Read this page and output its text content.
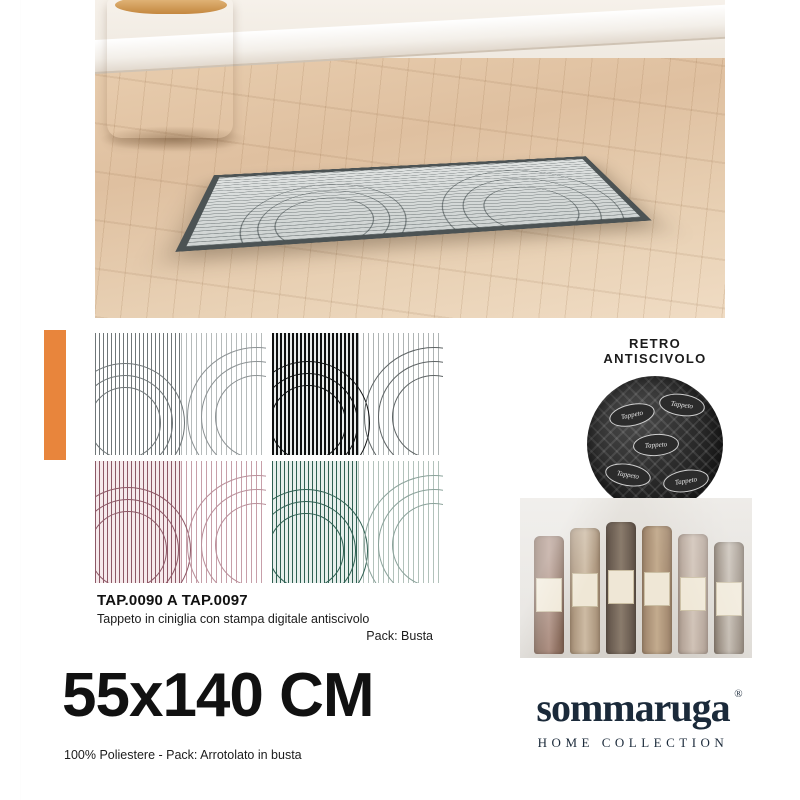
RETRO
ANTISCIVOLO
Tappeto
Tappeto
Tappeto
Tappeto
Tappeto
TAP.0090 A TAP.0097
Tappeto in ciniglia con stampa digitale antiscivolo
Pack: Busta
55x140 CM
100% Poliestere - Pack: Arrotolato in busta
sommaruga ®
HOME COLLECTION
